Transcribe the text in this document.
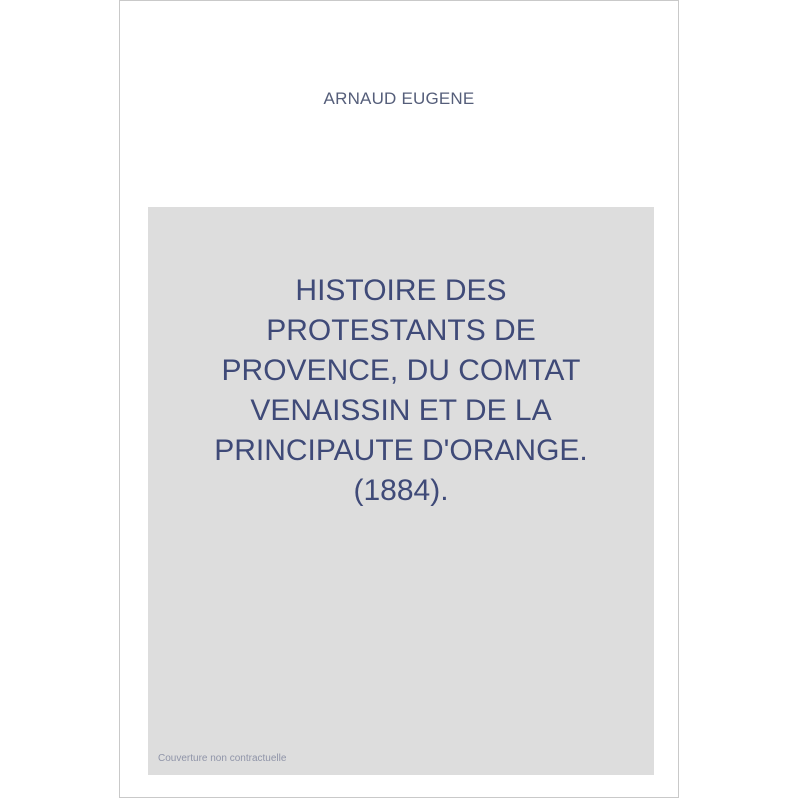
ARNAUD EUGENE
HISTOIRE DES
PROTESTANTS DE
PROVENCE, DU COMTAT
VENAISSIN ET DE LA
PRINCIPAUTE D'ORANGE.
(1884).
Couverture non contractuelle
